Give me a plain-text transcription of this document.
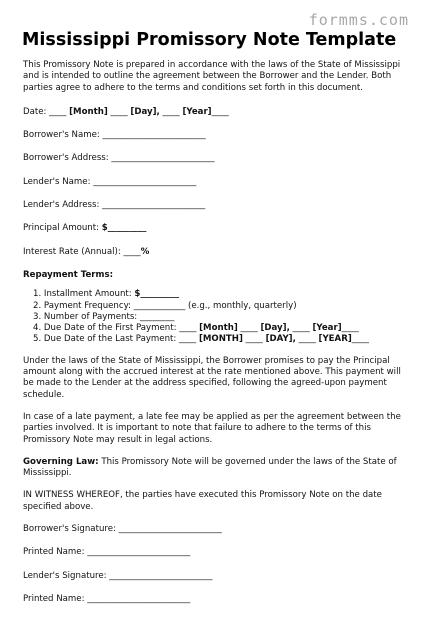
formms.com
Mississippi Promissory Note Template

This Promissory Note is prepared in accordance with the laws of the State of Mississippi and is intended to outline the agreement between the Borrower and the Lender. Both parties agree to adhere to the terms and conditions set forth in this document.

Date: ____ [Month] ____ [Day], ____ [Year]____
Borrower's Name: ________________________
Borrower's Address: ________________________
Lender's Name: ________________________
Lender's Address: ________________________
Principal Amount: $_________
Interest Rate (Annual): ____%
Repayment Terms:
1. Installment Amount: $_________
2. Payment Frequency: ____________ (e.g., monthly, quarterly)
3. Number of Payments: ________
4. Due Date of the First Payment: ____ [Month] ____ [Day], ____ [Year]____
5. Due Date of the Last Payment: ____ [MONTH] ____ [DAY], ____ [YEAR]____

Under the laws of the State of Mississippi, the Borrower promises to pay the Principal amount along with the accrued interest at the rate mentioned above. This payment will be made to the Lender at the address specified, following the agreed-upon payment schedule.

In case of a late payment, a late fee may be applied as per the agreement between the parties involved. It is important to note that failure to adhere to the terms of this Promissory Note may result in legal actions.

Governing Law: This Promissory Note will be governed under the laws of the State of Mississippi.

IN WITNESS WHEREOF, the parties have executed this Promissory Note on the date specified above.

Borrower's Signature: ________________________
Printed Name: ________________________
Lender's Signature: ________________________
Printed Name: ________________________
